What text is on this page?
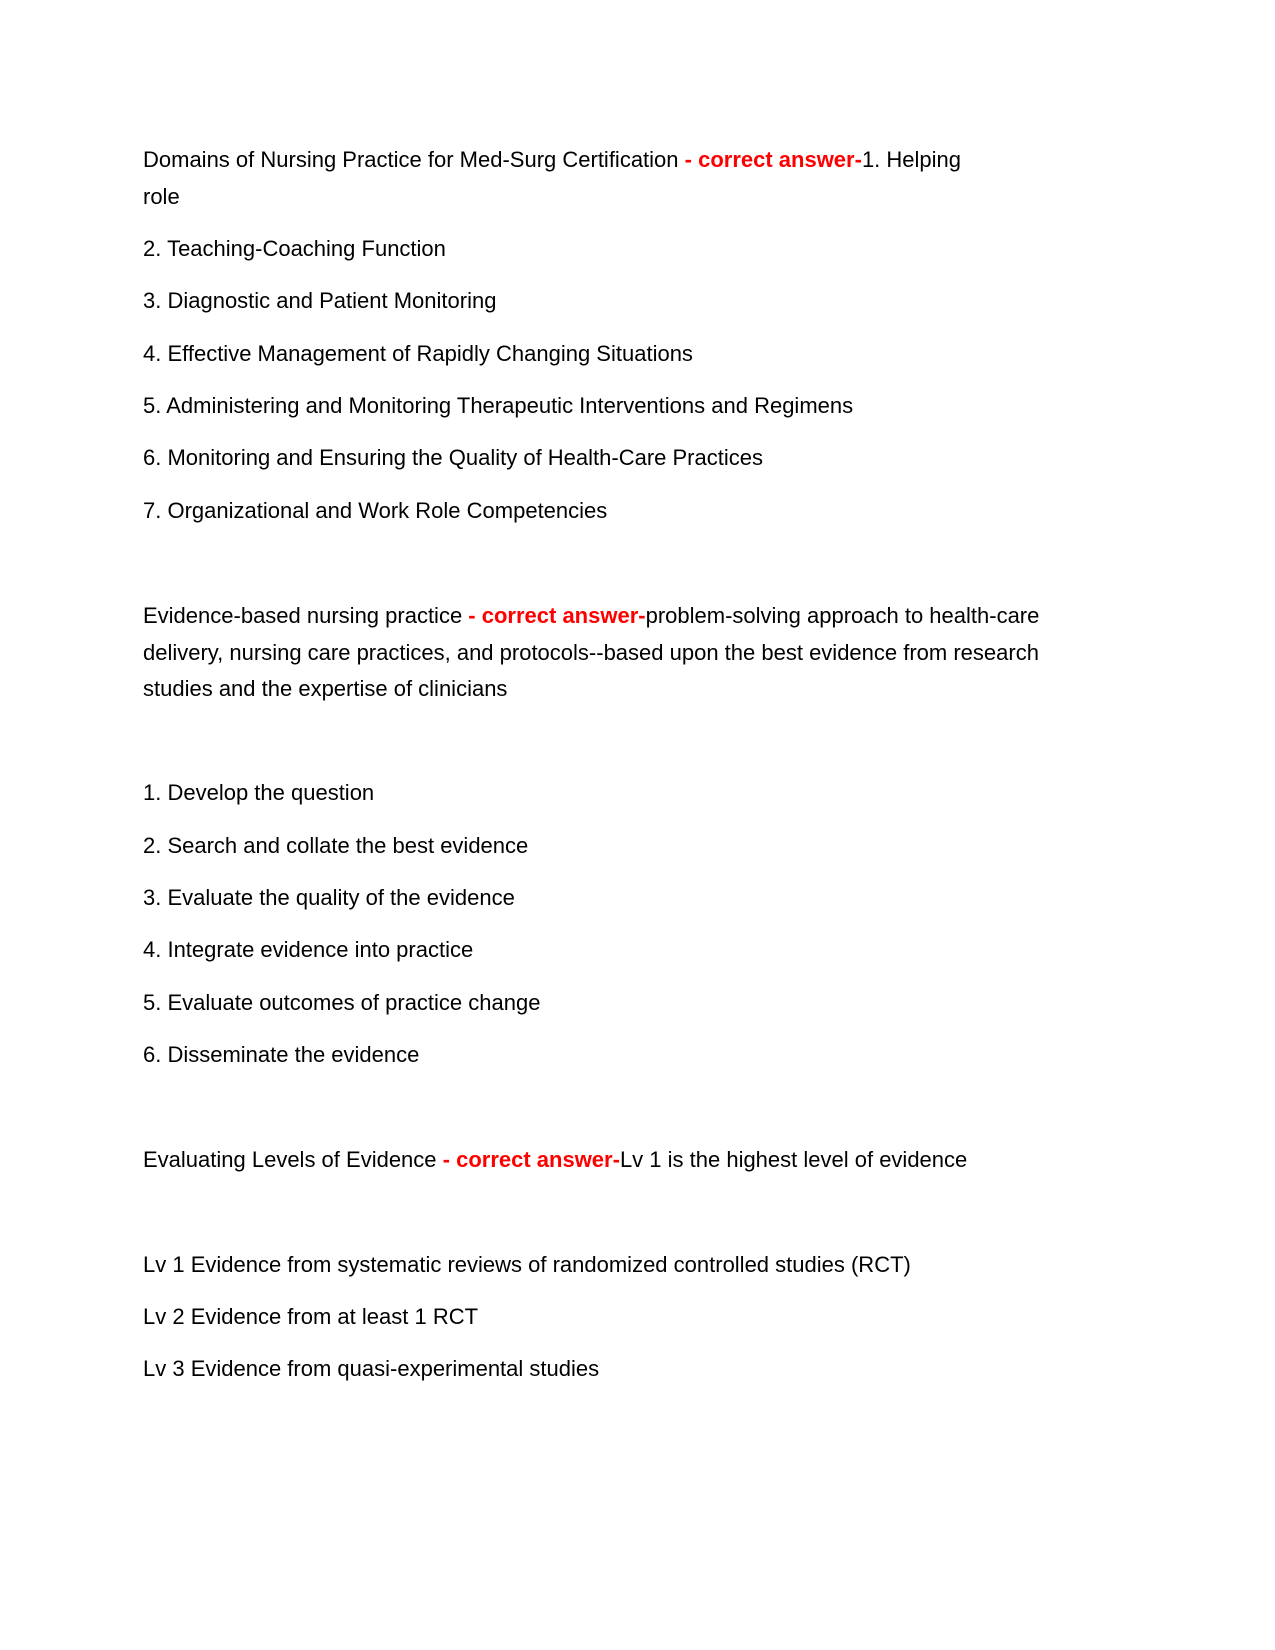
Domains of Nursing Practice for Med-Surg Certification - correct answer-1. Helping role
2. Teaching-Coaching Function
3. Diagnostic and Patient Monitoring
4. Effective Management of Rapidly Changing Situations
5. Administering and Monitoring Therapeutic Interventions and Regimens
6. Monitoring and Ensuring the Quality of Health-Care Practices
7. Organizational and Work Role Competencies
Evidence-based nursing practice - correct answer-problem-solving approach to health-care delivery, nursing care practices, and protocols--based upon the best evidence from research studies and the expertise of clinicians
1. Develop the question
2. Search and collate the best evidence
3. Evaluate the quality of the evidence
4. Integrate evidence into practice
5. Evaluate outcomes of practice change
6. Disseminate the evidence
Evaluating Levels of Evidence - correct answer-Lv 1 is the highest level of evidence
Lv 1 Evidence from systematic reviews of randomized controlled studies (RCT)
Lv 2 Evidence from at least 1 RCT
Lv 3 Evidence from quasi-experimental studies
